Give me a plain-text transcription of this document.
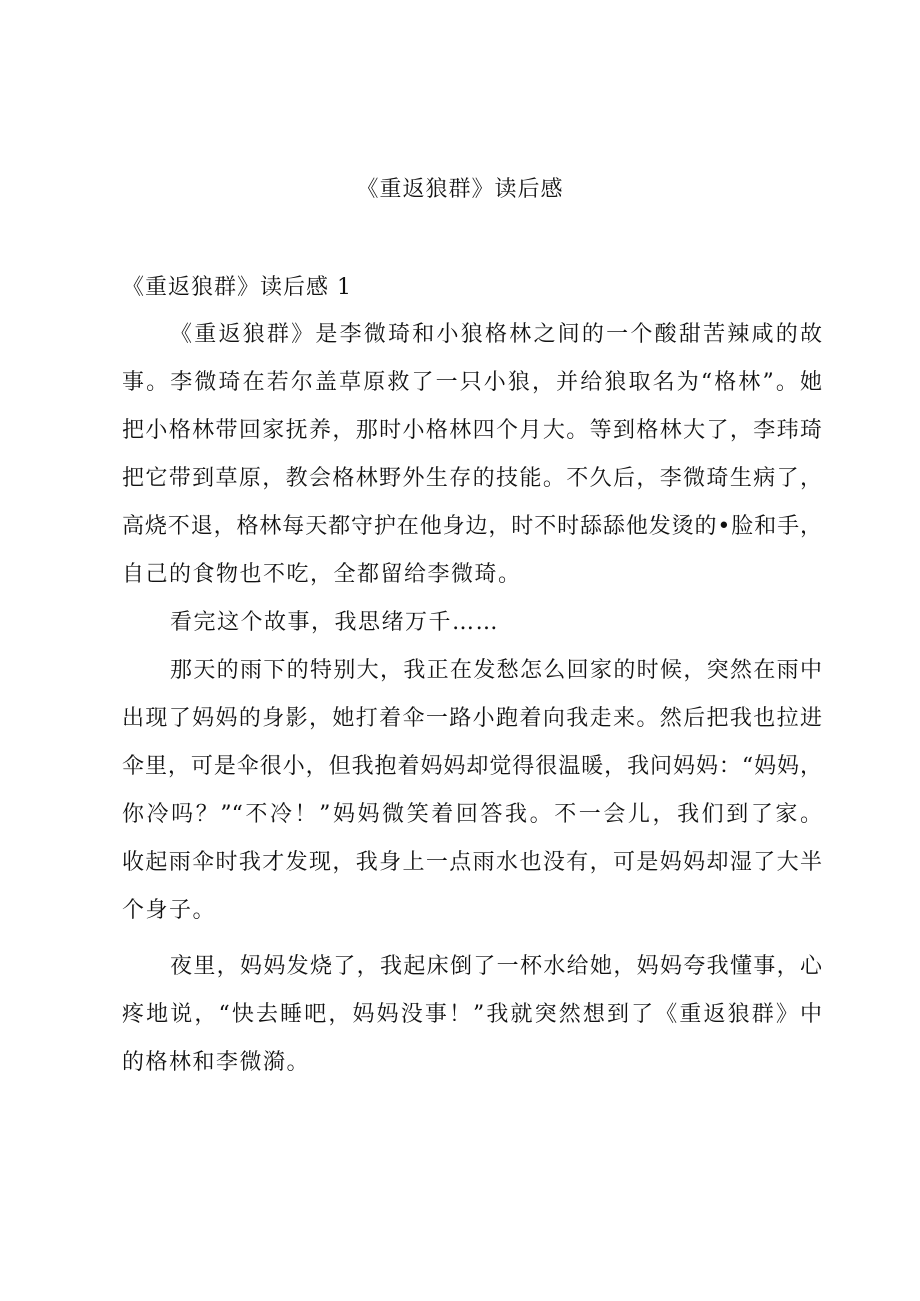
《重返狼群》读后感
《重返狼群》读后感 1
《重返狼群》是李微琦和小狼格林之间的一个酸甜苦辣咸的故
事。李微琦在若尔盖草原救了一只小狼，并给狼取名为“格林”。她
把小格林带回家抚养，那时小格林四个月大。等到格林大了，李玮琦
把它带到草原，教会格林野外生存的技能。不久后，李微琦生病了，
高烧不退，格林每天都守护在他身边，时不时舔舔他发烫的•脸和手，
自己的食物也不吃，全都留给李微琦。
看完这个故事，我思绪万千……
那天的雨下的特别大，我正在发愁怎么回家的时候，突然在雨中
出现了妈妈的身影，她打着伞一路小跑着向我走来。然后把我也拉进
伞里，可是伞很小，但我抱着妈妈却觉得很温暖，我问妈妈：“妈妈，
你冷吗？”“不冷！”妈妈微笑着回答我。不一会儿，我们到了家。
收起雨伞时我才发现，我身上一点雨水也没有，可是妈妈却湿了大半
个身子。
夜里，妈妈发烧了，我起床倒了一杯水给她，妈妈夸我懂事，心
疼地说，“快去睡吧，妈妈没事！”我就突然想到了《重返狼群》中
的格林和李微漪。
